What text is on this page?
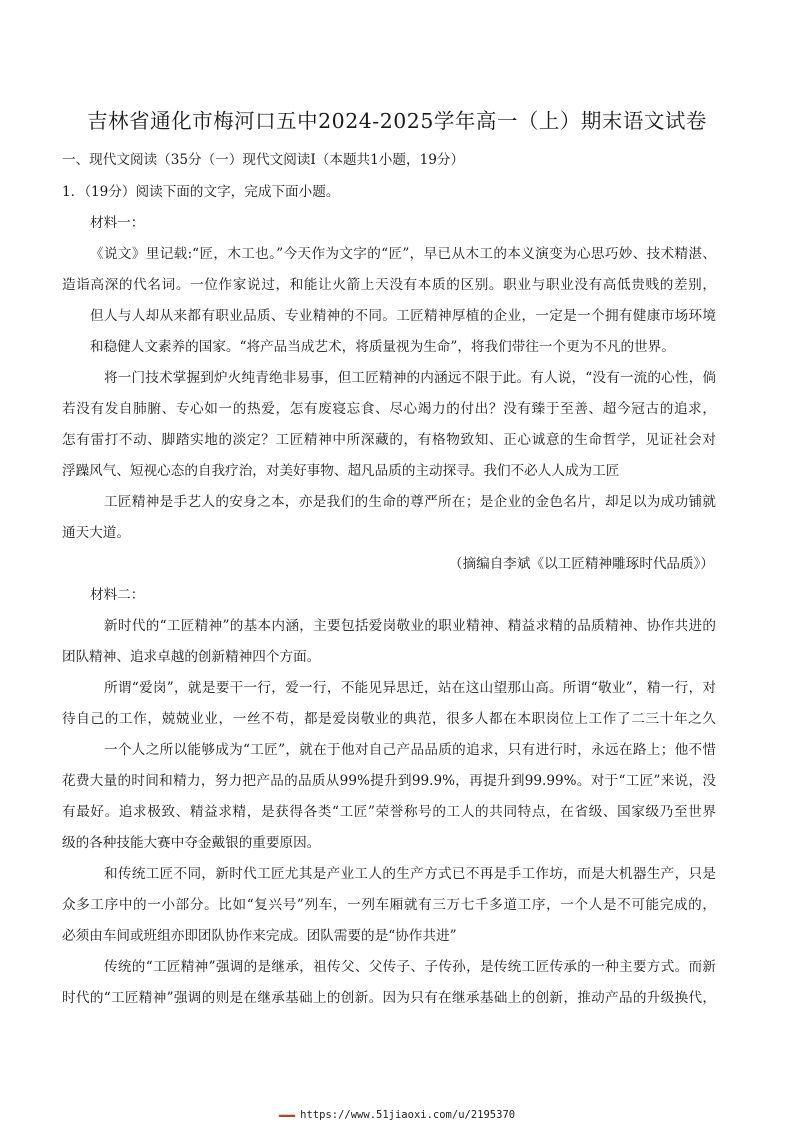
吉林省通化市梅河口五中2024-2025学年高一（上）期末语文试卷
一、现代文阅读（35分（一）现代文阅读Ⅰ（本题共1小题，19分）
1．（19分）阅读下面的文字，完成下面小题。
材料一：
《说文》里记载:“匠，木工也。”今天作为文字的“匠”，早已从木工的本义演变为心思巧妙、技术精湛、
造诣高深的代名词。一位作家说过，和能让火箭上天没有本质的区别。职业与职业没有高低贵贱的差别，
但人与人却从来都有职业品质、专业精神的不同。工匠精神厚植的企业，一定是一个拥有健康市场环境
和稳健人文素养的国家。“将产品当成艺术，将质量视为生命”，将我们带往一个更为不凡的世界。
将一门技术掌握到炉火纯青绝非易事，但工匠精神的内涵远不限于此。有人说，“没有一流的心性，倘
若没有发自肺腑、专心如一的热爱，怎有废寝忘食、尽心竭力的付出？没有臻于至善、超今冠古的追求，
怎有雷打不动、脚踏实地的淡定？工匠精神中所深藏的，有格物致知、正心诚意的生命哲学，见证社会对
浮躁风气、短视心态的自我疗治，对美好事物、超凡品质的主动探寻。我们不必人人成为工匠
工匠精神是手艺人的安身之本，亦是我们的生命的尊严所在；是企业的金色名片，却足以为成功铺就
通天大道。
（摘编自李斌《以工匠精神雕琢时代品质》）
材料二：
新时代的“工匠精神”的基本内涵，主要包括爱岗敬业的职业精神、精益求精的品质精神、协作共进的
团队精神、追求卓越的创新精神四个方面。
所谓“爱岗”，就是要干一行，爱一行，不能见异思迁，站在这山望那山高。所谓“敬业”，精一行，对
待自己的工作，兢兢业业，一丝不苟，都是爱岗敬业的典范，很多人都在本职岗位上工作了二三十年之久
一个人之所以能够成为“工匠”，就在于他对自己产品品质的追求，只有进行时，永远在路上；他不惜
花费大量的时间和精力，努力把产品的品质从99%提升到99.9%，再提升到99.99%。对于“工匠”来说，没
有最好。追求极致、精益求精，是获得各类“工匠”荣誉称号的工人的共同特点，在省级、国家级乃至世界
级的各种技能大赛中夺金戴银的重要原因。
和传统工匠不同，新时代工匠尤其是产业工人的生产方式已不再是手工作坊，而是大机器生产，只是
众多工序中的一小部分。比如“复兴号”列车，一列车厢就有三万七千多道工序，一个人是不可能完成的，
必须由车间或班组亦即团队协作来完成。团队需要的是“协作共进”
传统的“工匠精神”强调的是继承，祖传父、父传子、子传孙，是传统工匠传承的一种主要方式。而新
时代的“工匠精神”强调的则是在继承基础上的创新。因为只有在继承基础上的创新，推动产品的升级换代，
▬▬▬▬ https://www.51jiaoxi.com/u/2195370
